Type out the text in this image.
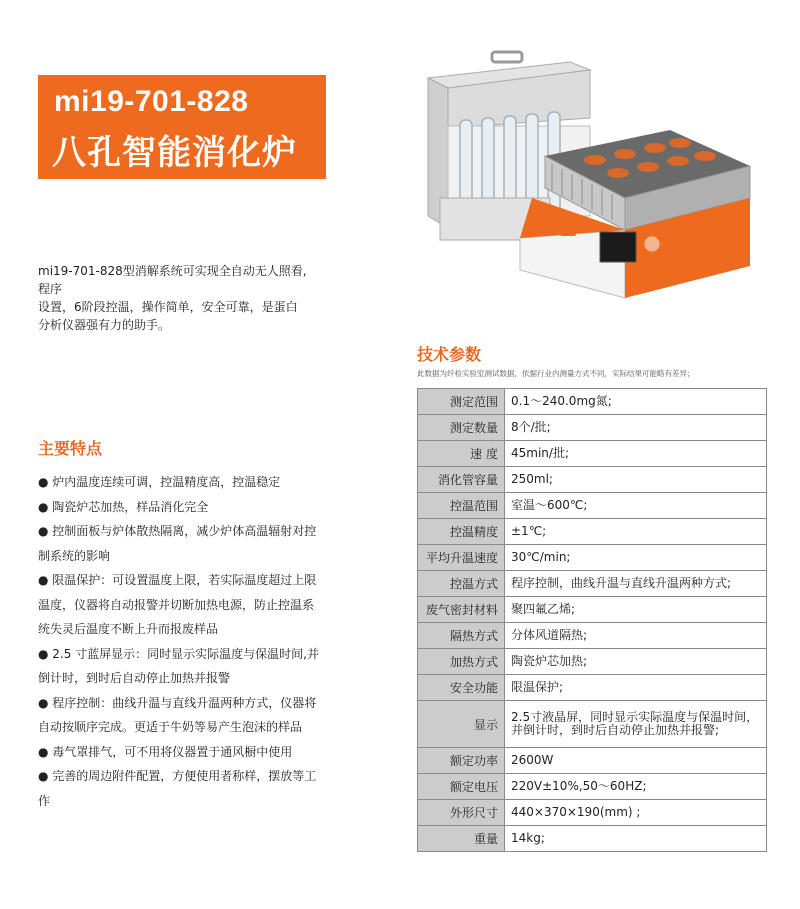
mi19-701-828
八孔智能消化炉
mi19-701-828型消解系统可实现全自动无人照看,
程序
设置，6阶段控温，操作简单，安全可靠，是蛋白
分析仪器强有力的助手。
主要特点
● 炉内温度连续可调，控温精度高，控温稳定
● 陶瓷炉芯加热，样品消化完全
● 控制面板与炉体散热隔离，减少炉体高温辐射对控制系统的影响
● 限温保护：可设置温度上限，若实际温度超过上限温度，仪器将自动报警并切断加热电源，防止控温系统失灵后温度不断上升而报废样品
● 2.5 寸蓝屏显示：同时显示实际温度与保温时间,并倒计时，到时后自动停止加热并报警
● 程序控制：曲线升温与直线升温两种方式，仪器将自动按顺序完成。更适于牛奶等易产生泡沫的样品
● 毒气罩排气，可不用将仪器置于通风橱中使用
● 完善的周边附件配置，方便使用者称样，摆放等工作
技术参数
此数据为纤检实验室测试数据，依据行业内测量方式不同，实际结果可能略有差异；
测定范围	0.1～240.0mg氮;
测定数量	8个/批;
速 度	45min/批;
消化管容量	250ml;
控温范围	室温～600℃;
控温精度	±1℃;
平均升温速度	30℃/min;
控温方式	程序控制，曲线升温与直线升温两种方式;
废气密封材料	聚四氟乙烯;
隔热方式	分体风道隔热;
加热方式	陶瓷炉芯加热;
安全功能	限温保护;
显示	2.5寸液晶屏，同时显示实际温度与保温时间，并倒计时，到时后自动停止加热并报警;
额定功率	2600W
额定电压	220V±10%,50～60HZ;
外形尺寸	440×370×190(mm) ;
重量	14kg;
